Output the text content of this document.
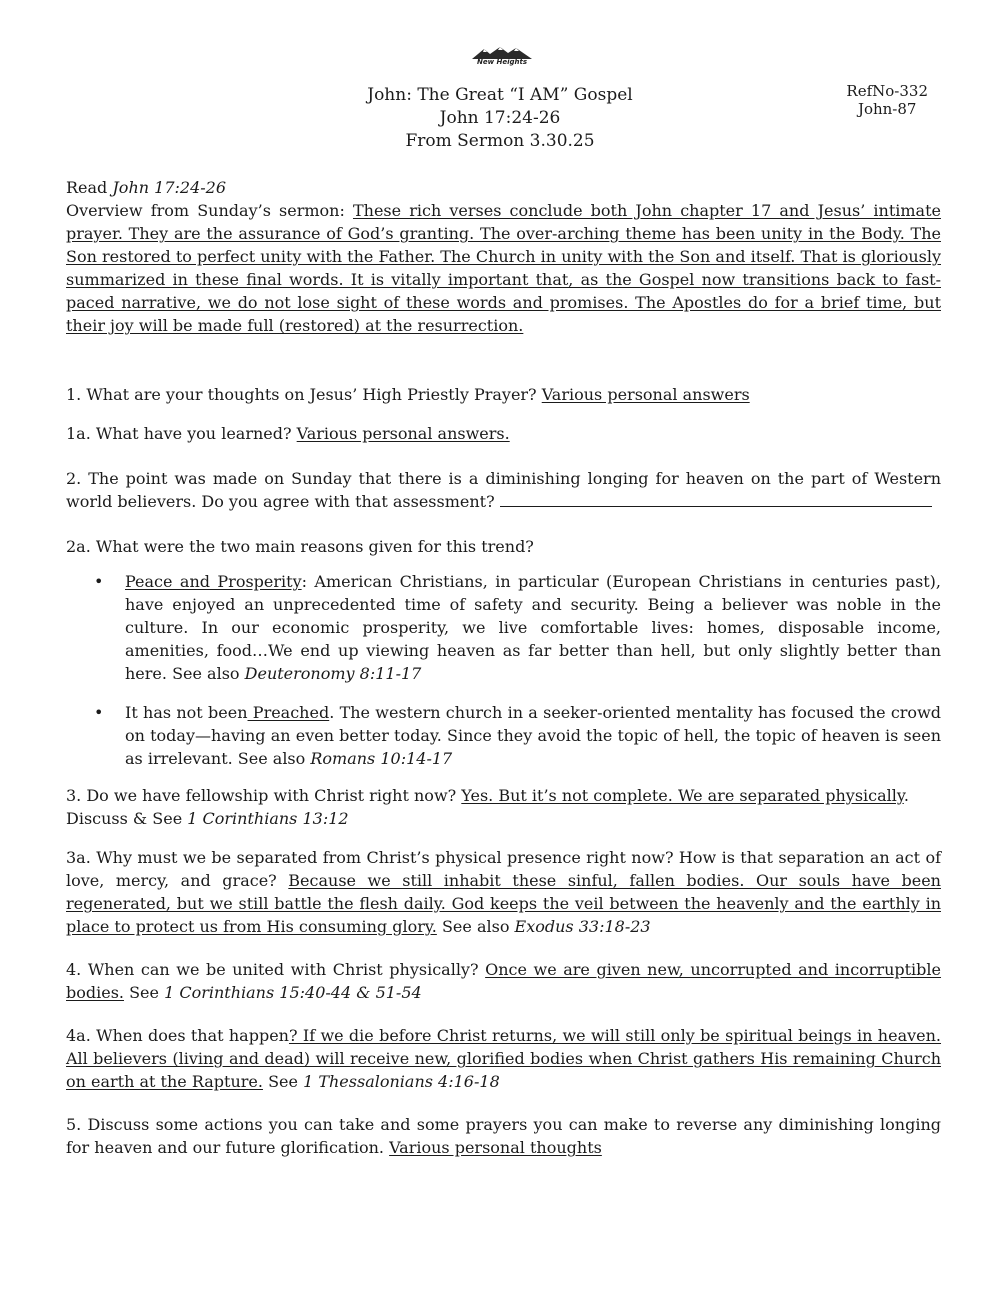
New Heights
John: The Great “I AM” Gospel
John 17:24-26
From Sermon 3.30.25
RefNo-332
John-87

Read John 17:24-26

Overview from Sunday’s sermon: These rich verses conclude both John chapter 17 and Jesus’ intimate prayer. They are the assurance of God’s granting. The over-arching theme has been unity in the Body. The Son restored to perfect unity with the Father. The Church in unity with the Son and itself. That is gloriously summarized in these final words. It is vitally important that, as the Gospel now transitions back to fast-paced narrative, we do not lose sight of these words and promises. The Apostles do for a brief time, but their joy will be made full (restored) at the resurrection.

1. What are your thoughts on Jesus’ High Priestly Prayer? Various personal answers

1a. What have you learned? Various personal answers.

2. The point was made on Sunday that there is a diminishing longing for heaven on the part of Western world believers. Do you agree with that assessment?

2a. What were the two main reasons given for this trend?

• Peace and Prosperity: American Christians, in particular (European Christians in centuries past), have enjoyed an unprecedented time of safety and security. Being a believer was noble in the culture. In our economic prosperity, we live comfortable lives: homes, disposable income, amenities, food…We end up viewing heaven as far better than hell, but only slightly better than here. See also Deuteronomy 8:11-17
• It has not been Preached. The western church in a seeker-oriented mentality has focused the crowd on today—having an even better today. Since they avoid the topic of hell, the topic of heaven is seen as irrelevant. See also Romans 10:14-17

3. Do we have fellowship with Christ right now? Yes. But it’s not complete. We are separated physically. Discuss & See 1 Corinthians 13:12

3a. Why must we be separated from Christ’s physical presence right now? How is that separation an act of love, mercy, and grace? Because we still inhabit these sinful, fallen bodies. Our souls have been regenerated, but we still battle the flesh daily. God keeps the veil between the heavenly and the earthly in place to protect us from His consuming glory. See also Exodus 33:18-23

4. When can we be united with Christ physically? Once we are given new, uncorrupted and incorruptible bodies. See 1 Corinthians 15:40-44 & 51-54

4a. When does that happen? If we die before Christ returns, we will still only be spiritual beings in heaven. All believers (living and dead) will receive new, glorified bodies when Christ gathers His remaining Church on earth at the Rapture. See 1 Thessalonians 4:16-18

5. Discuss some actions you can take and some prayers you can make to reverse any diminishing longing for heaven and our future glorification. Various personal thoughts
